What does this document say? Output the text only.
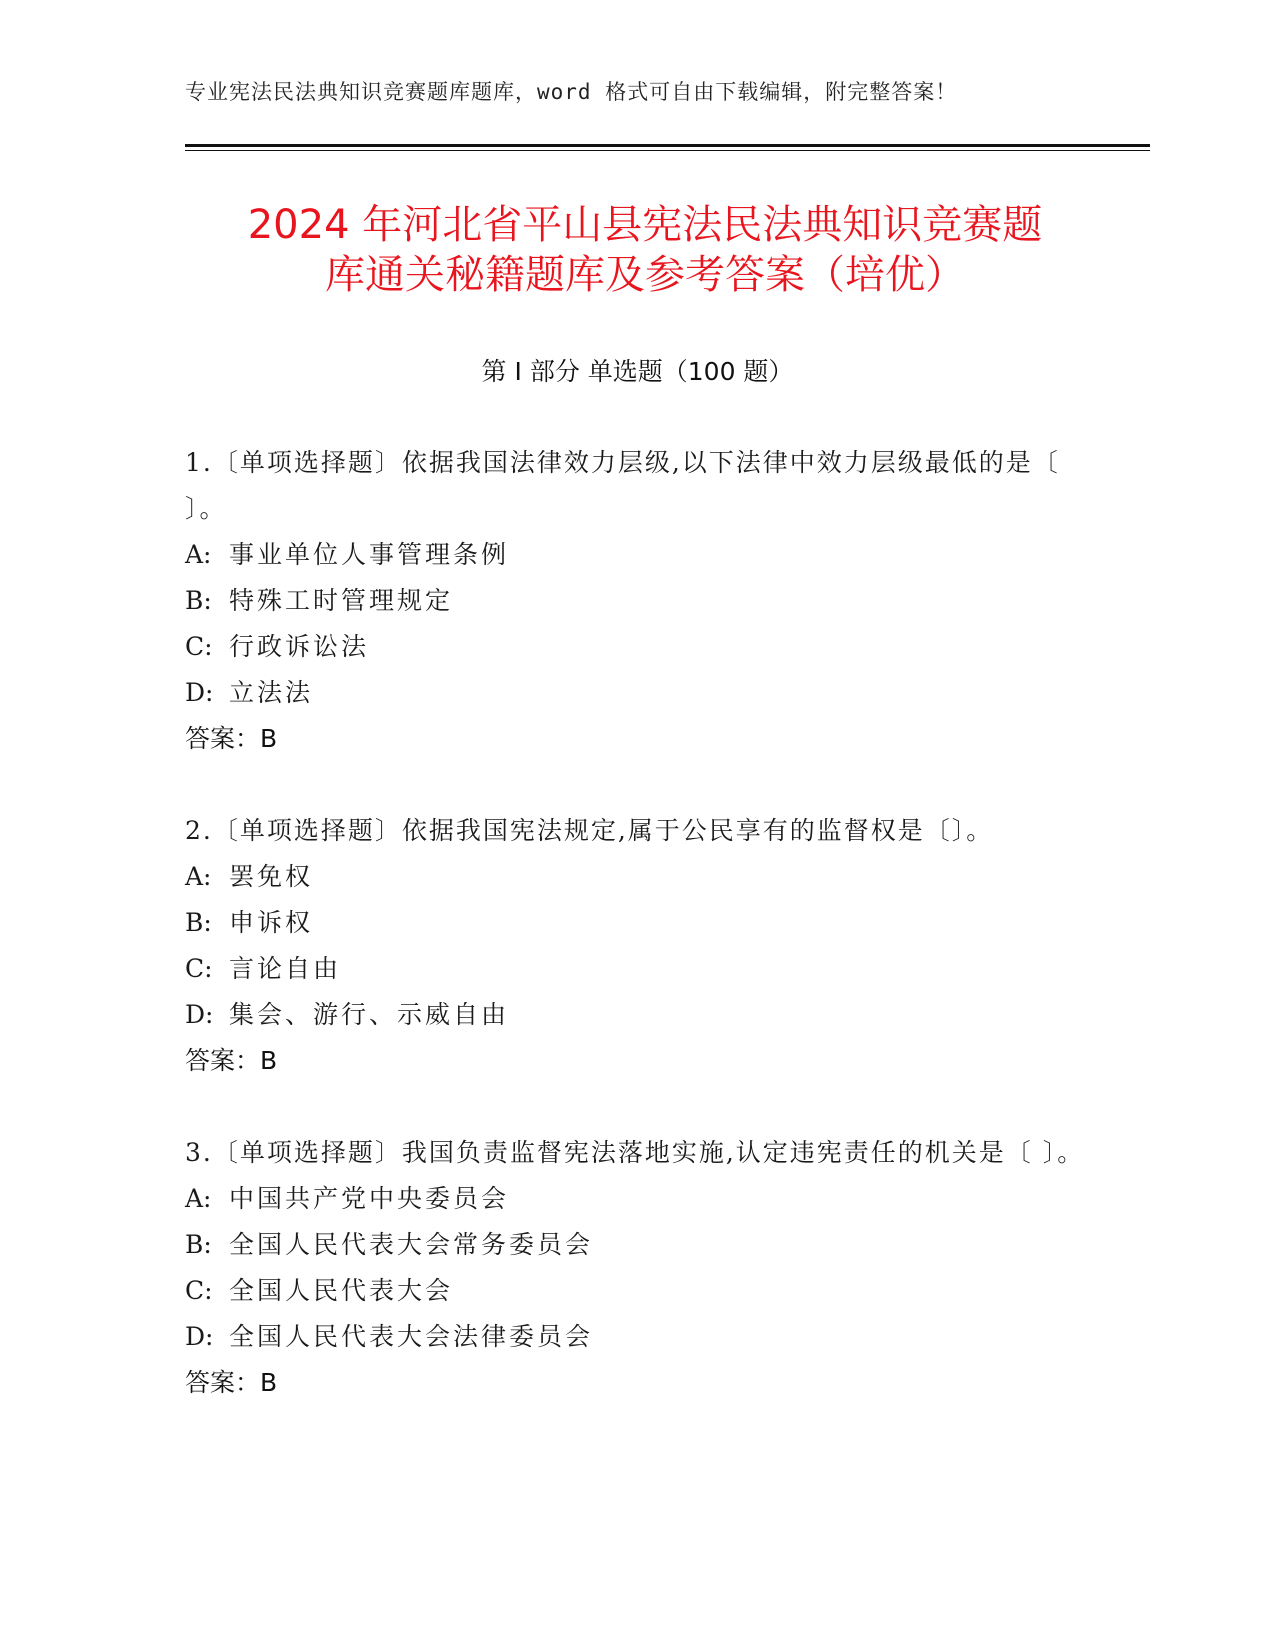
专业宪法民法典知识竞赛题库题库，word 格式可自由下载编辑，附完整答案！
2024 年河北省平山县宪法民法典知识竞赛题
库通关秘籍题库及参考答案（培优）
第 I 部分 单选题（100 题）
1.〔单项选择题〕依据我国法律效力层级,以下法律中效力层级最低的是〔 〕。
A: 事业单位人事管理条例
B: 特殊工时管理规定
C: 行政诉讼法
D: 立法法
答案：B
2.〔单项选择题〕依据我国宪法规定,属于公民享有的监督权是〔〕。
A: 罢免权
B: 申诉权
C: 言论自由
D: 集会、游行、示威自由
答案：B
3.〔单项选择题〕我国负责监督宪法落地实施,认定违宪责任的机关是〔 〕。
A: 中国共产党中央委员会
B: 全国人民代表大会常务委员会
C: 全国人民代表大会
D: 全国人民代表大会法律委员会
答案：B
